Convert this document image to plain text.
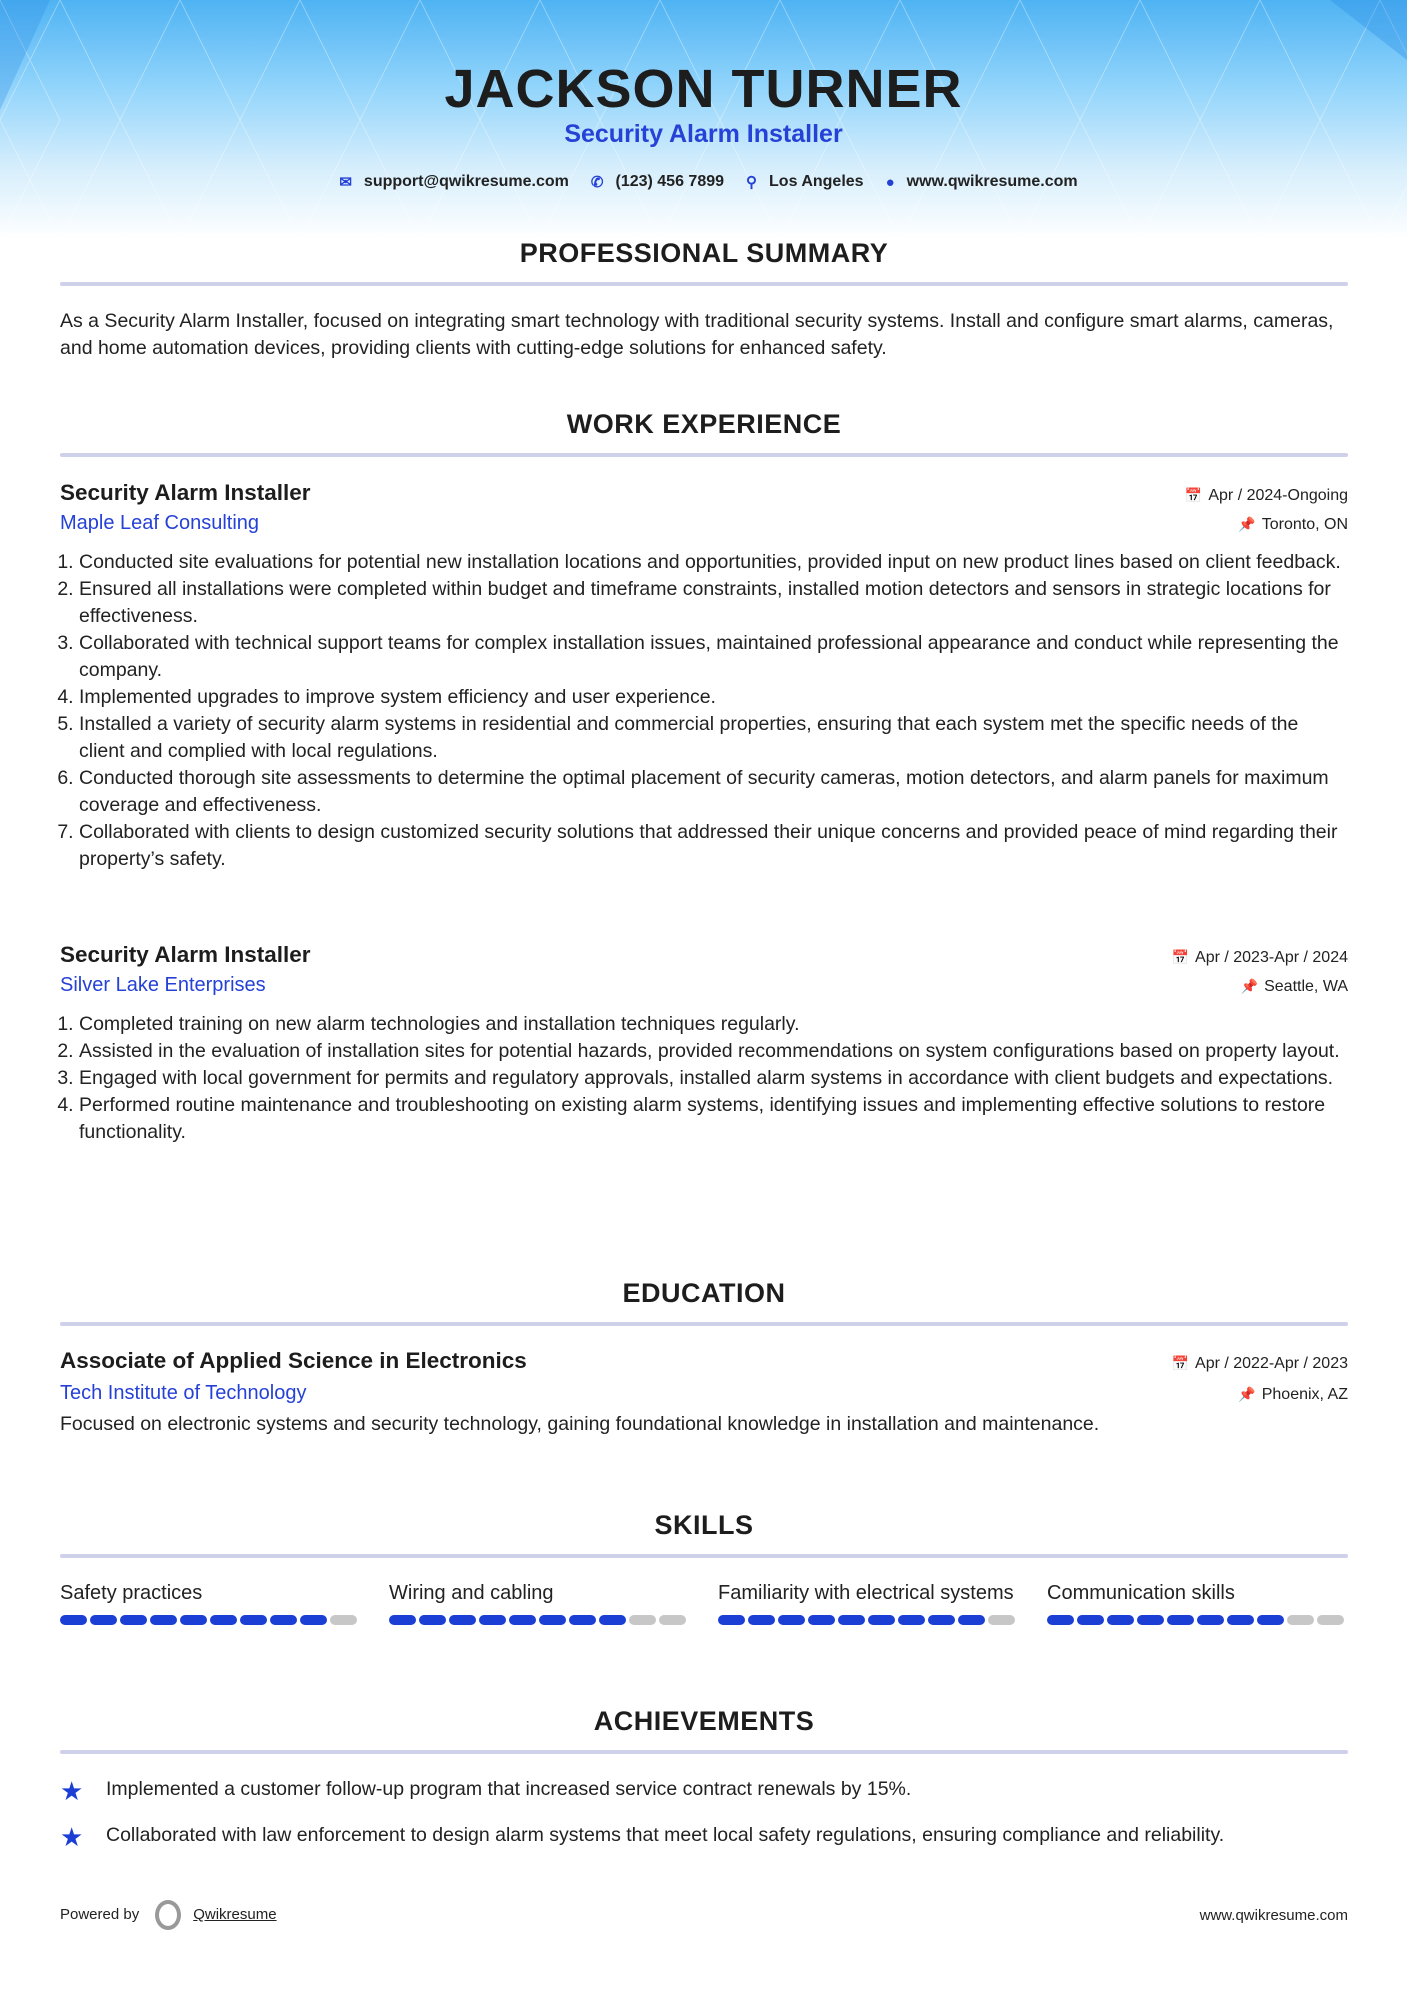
JACKSON TURNER
Security Alarm Installer
✉ support@qwikresume.com ✆ (123) 456 7899 ⚲ Los Angeles ● www.qwikresume.com
PROFESSIONAL SUMMARY

As a Security Alarm Installer, focused on integrating smart technology with traditional security systems. Install and configure smart alarms, cameras, and home automation devices, providing clients with cutting-edge solutions for enhanced safety.

WORK EXPERIENCE
Security Alarm Installer	📅 Apr / 2024-Ongoing
Maple Leaf Consulting	📌 Toronto, ON
1. Conducted site evaluations for potential new installation locations and opportunities, provided input on new product lines based on client feedback.
2. Ensured all installations were completed within budget and timeframe constraints, installed motion detectors and sensors in strategic locations for effectiveness.
3. Collaborated with technical support teams for complex installation issues, maintained professional appearance and conduct while representing the company.
4. Implemented upgrades to improve system efficiency and user experience.
5. Installed a variety of security alarm systems in residential and commercial properties, ensuring that each system met the specific needs of the client and complied with local regulations.
6. Conducted thorough site assessments to determine the optimal placement of security cameras, motion detectors, and alarm panels for maximum coverage and effectiveness.
7. Collaborated with clients to design customized security solutions that addressed their unique concerns and provided peace of mind regarding their property’s safety.
Security Alarm Installer	📅 Apr / 2023-Apr / 2024
Silver Lake Enterprises	📌 Seattle, WA
1. Completed training on new alarm technologies and installation techniques regularly.
2. Assisted in the evaluation of installation sites for potential hazards, provided recommendations on system configurations based on property layout.
3. Engaged with local government for permits and regulatory approvals, installed alarm systems in accordance with client budgets and expectations.
4. Performed routine maintenance and troubleshooting on existing alarm systems, identifying issues and implementing effective solutions to restore functionality.
EDUCATION
Associate of Applied Science in Electronics	📅 Apr / 2022-Apr / 2023
Tech Institute of Technology	📌 Phoenix, AZ

Focused on electronic systems and security technology, gaining foundational knowledge in installation and maintenance.

SKILLS
Safety practices	Wiring and cabling	Familiarity with electrical systems Communication skills
ACHIEVEMENTS
★	Implemented a customer follow-up program that increased service contract renewals by 15%.
★	Collaborated with law enforcement to design alarm systems that meet local safety regulations, ensuring compliance and reliability.
Powered by	Qwikresume	www.qwikresume.com
